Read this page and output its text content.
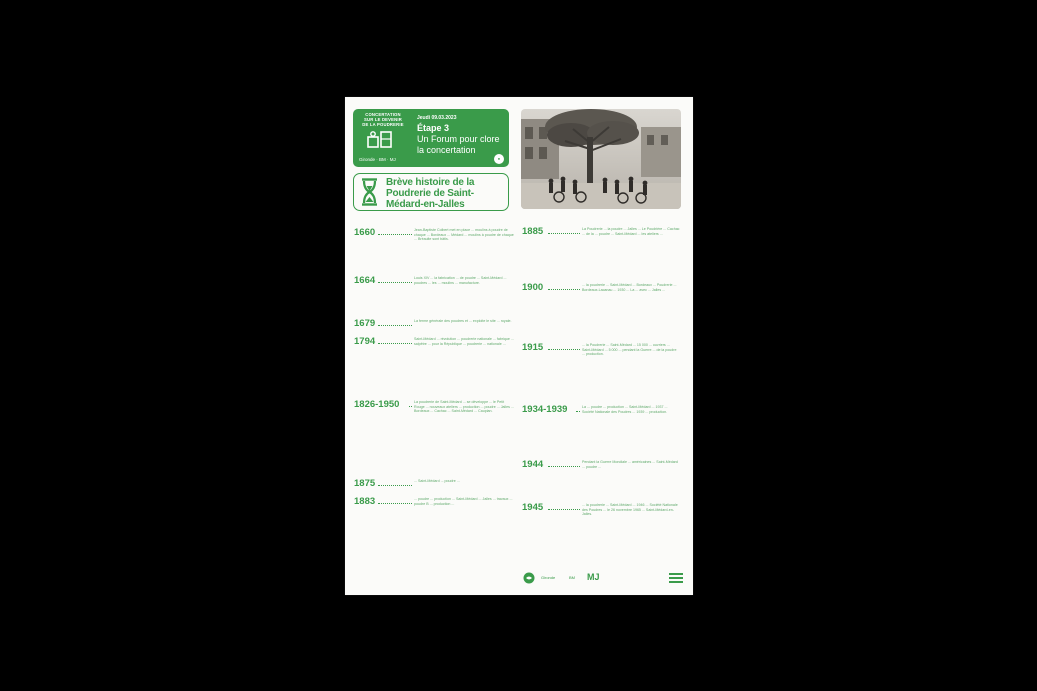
CONCERTATION SUR LE DEVENIR DE LA POUDRERIE
Gironde · BM · MJ
Jeudi 09.03.2023
Étape 3
Un Forum pour clore la concertation
●
Brève histoire de la Poudrerie de Saint-Médard-en-Jalles
1660	Jean-Baptiste Colbert met en place ... moulins à poudre de chaque ... Bordeaux ... Médard ... moulins à poudre de chaque ... Bréaulte sont bâtis.
1664	Louis XIV ... la fabrication ... de poudre ... Saint-Médard ... poudres ... les ... moulins ... manufacture.
1679	La ferme générale des poudres et ... exploite le site ... royale.
1794	Saint-Médard ... révolution ... poudrerie nationale ... fabrique ... salpêtre ... pour la République ... poudrerie ... nationale ...
1826-1950	La poudrerie de Saint-Médard ... se développe ... le Petit Rouge ... nouveaux ateliers ... production ... poudre ... Jalles ... Bordeaux ... Cachac ... Saint-Médard ... Caupian.
1875	... Saint-Médard ... poudre ...
1883	... poudre ... production ... Saint-Médard ... Jalles ... travaux ... poudre B ... production ...
1885	La Poudrerie ... la poudre ... Jalles ... Le Poudrière ... Cachac ... de la ... poudre ... Saint-Médard ... les ateliers ...
1900	... la poudrerie ... Saint-Médard ... Bordeaux ... Poudrerie ... Bordeaux-Lacanau ... 1930 ... La ... avec ... Jalles ...
1915	... la Poudrerie ... Saint-Médard ... 15 000 ... ouvriers ... Saint-Médard ... 5 000 ... pendant la Guerre ... de la poudre ... production.
1934-1939	La ... poudre ... production ... Saint-Médard ... 1937 ... Société Nationale des Poudres ... 1939 ... production.
1944	Pendant la Guerre Mondiale ... américaines ... Saint-Médard ... poudre ...
1945	... la poudrerie ... Saint-Médard ... 1946 ... Société Nationale des Poudres ... le 26 novembre 1965 ... Saint-Médard-en-Jalles.
Gironde	BM MJ
